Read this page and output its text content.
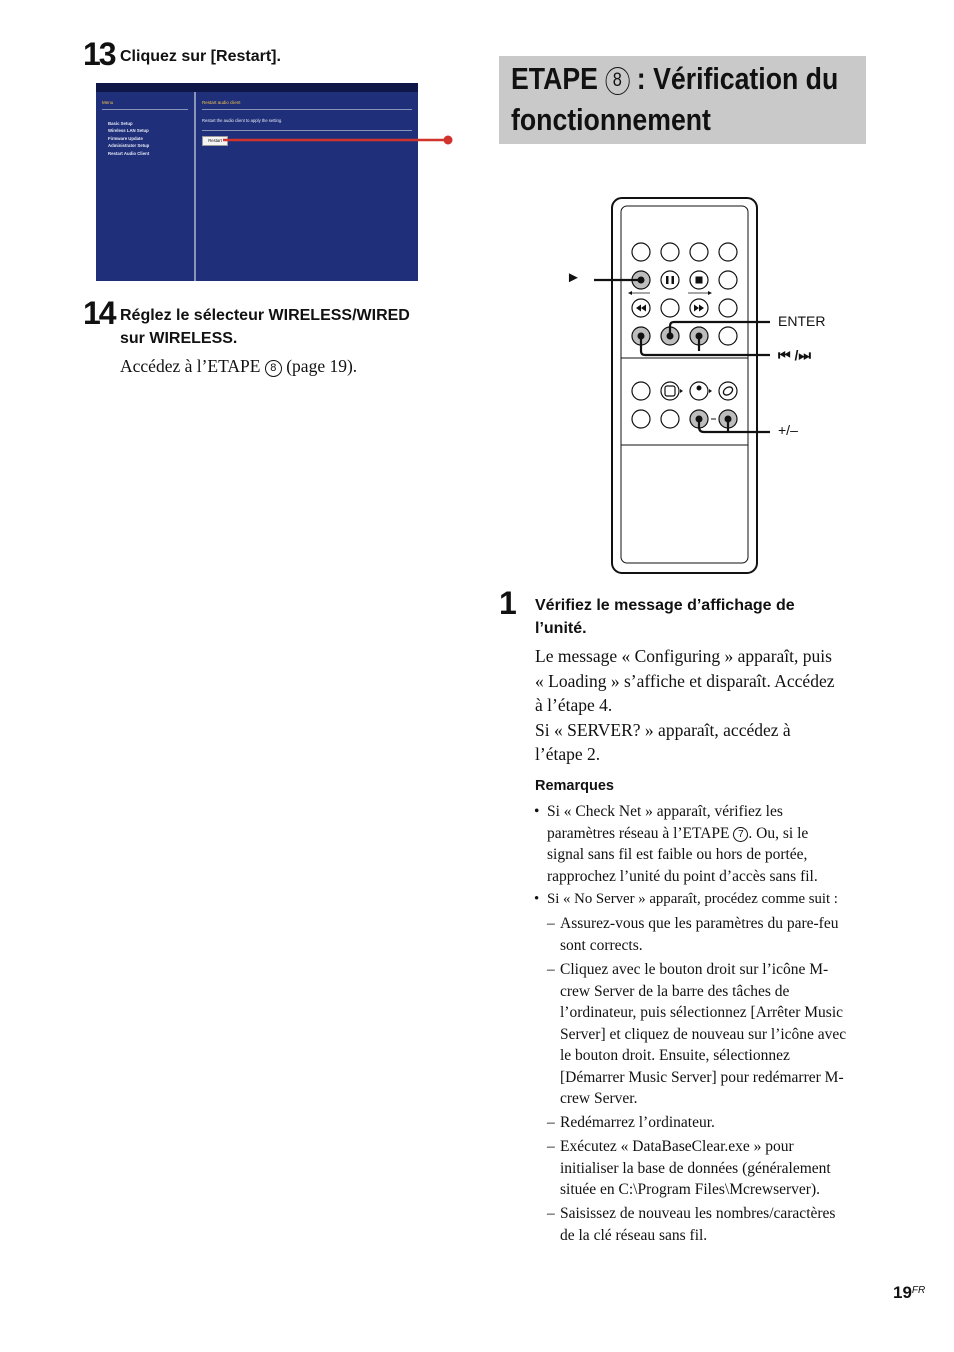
13 Cliquez sur [Restart].
Menu
Basic Setup
Wireless LAN Setup
Firmware Update
Administrator Setup
Restart Audio Client
Restart audio client
Restart the audio client to apply the setting.
Restart
14 Réglez le sélecteur WIRELESS/WIRED
sur WIRELESS.
Accédez à l’ETAPE 8 (page 19).
ETAPE 8 : Vérification du
fonctionnement
►
ENTER
⏮ /⏭
+/–
1 Vérifiez le message d’affichage de
l’unité.
Le message « Configuring » apparaît, puis
« Loading » s’affiche et disparaît. Accédez
à l’étape 4.
Si « SERVER? » apparaît, accédez à
l’étape 2.
Remarques
• Si « Check Net » apparaît, vérifiez les
paramètres réseau à l’ETAPE 7 . Ou, si le
signal sans fil est faible ou hors de portée,
rapprochez l’unité du point d’accès sans fil.
• Si « No Server » apparaît, procédez comme suit :
– Assurez-vous que les paramètres du pare-feu
sont corrects.
– Cliquez avec le bouton droit sur l’icône M-
crew Server de la barre des tâches de
l’ordinateur, puis sélectionnez [Arrêter Music
Server] et cliquez de nouveau sur l’icône avec
le bouton droit. Ensuite, sélectionnez
[Démarrer Music Server] pour redémarrer M-
crew Server.
– Redémarrez l’ordinateur.
– Exécutez « DataBaseClear.exe » pour
initialiser la base de données (généralement
située en C:\Program Files\Mcrewserver).
– Saisissez de nouveau les nombres/caractères
de la clé réseau sans fil.
$19^{FR}$
